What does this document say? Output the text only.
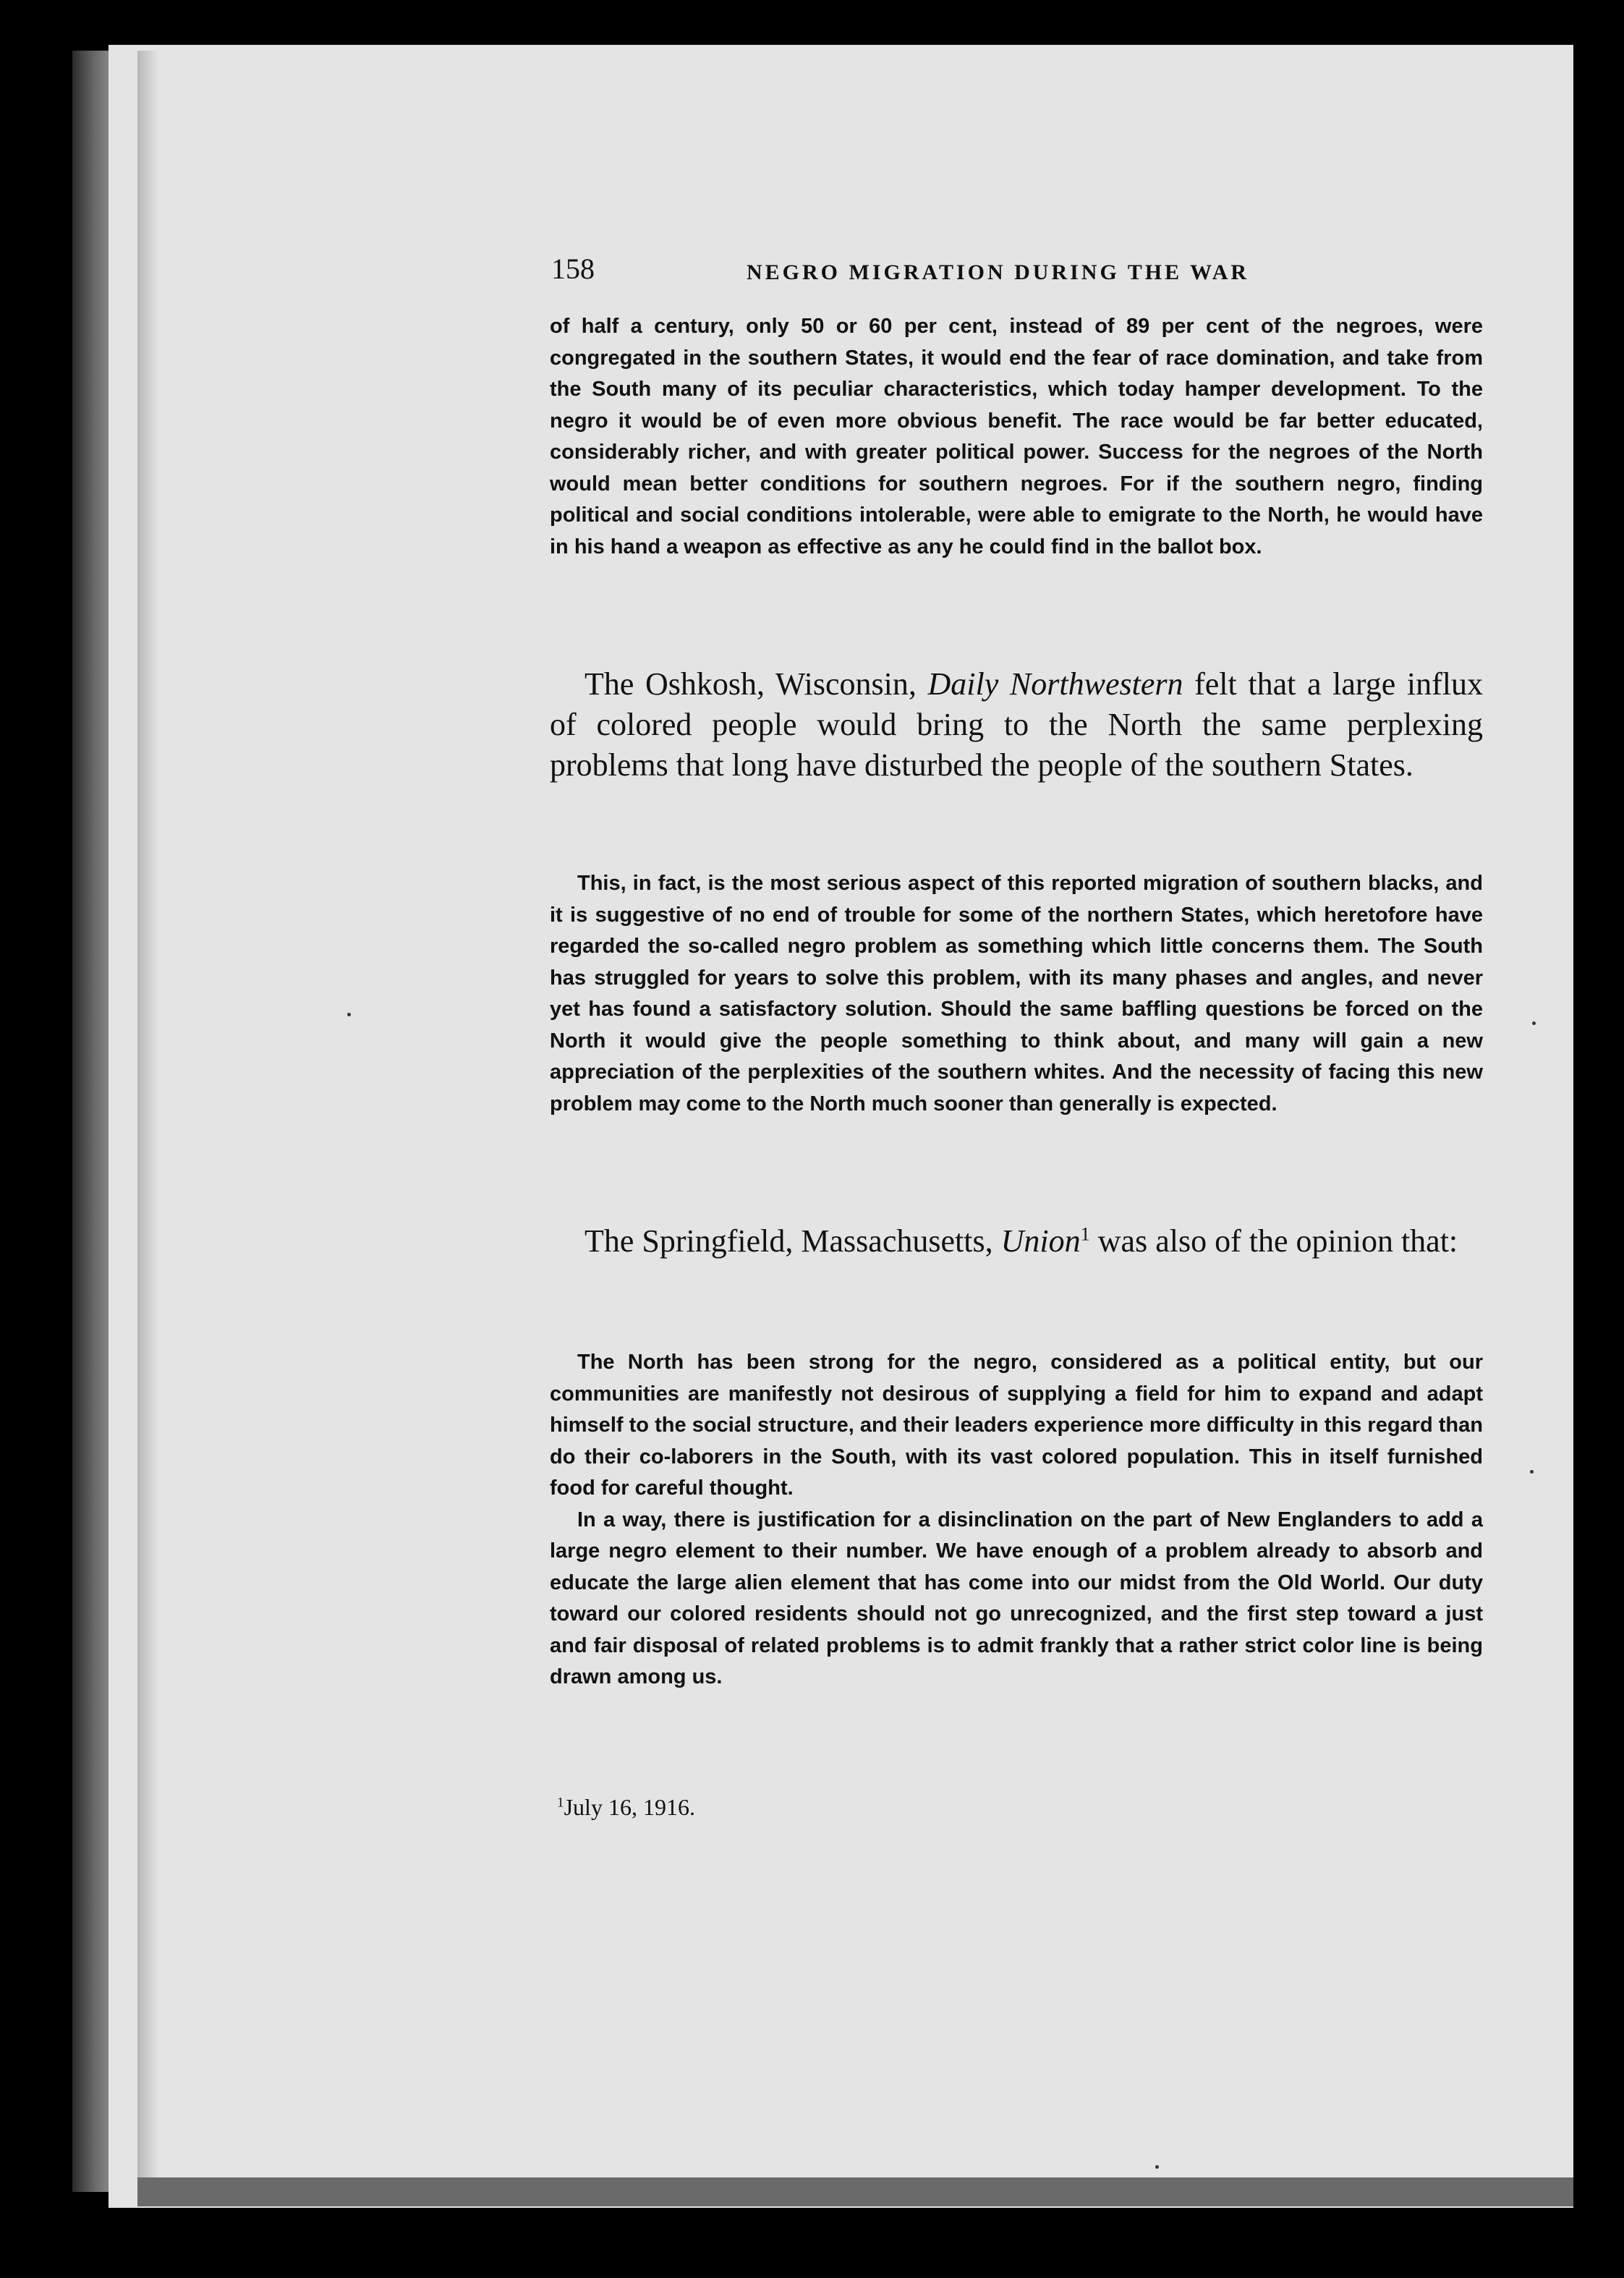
158	NEGRO MIGRATION DURING THE WAR

of half a century, only 50 or 60 per cent, instead of 89 per cent of the negroes, were congregated in the southern States, it would end the fear of race domination, and take from the South many of its peculiar characteristics, which today hamper development. To the negro it would be of even more obvious benefit. The race would be far better educated, considerably richer, and with greater political power. Success for the negroes of the North would mean better conditions for southern negroes. For if the southern negro, finding political and social conditions intolerable, were able to emigrate to the North, he would have in his hand a weapon as effective as any he could find in the ballot box.

The Oshkosh, Wisconsin, Daily Northwestern felt that a large influx of colored people would bring to the North the same perplexing problems that long have disturbed the people of the southern States.

This, in fact, is the most serious aspect of this reported migration of southern blacks, and it is suggestive of no end of trouble for some of the northern States, which heretofore have regarded the so-called negro problem as something which little concerns them. The South has struggled for years to solve this problem, with its many phases and angles, and never yet has found a satisfactory solution. Should the same baffling questions be forced on the North it would give the people something to think about, and many will gain a new appreciation of the perplexities of the southern whites. And the necessity of facing this new problem may come to the North much sooner than generally is expected.

The Springfield, Massachusetts, Union$^1$ was also of the opinion that:

The North has been strong for the negro, considered as a political entity, but our communities are manifestly not desirous of supplying a field for him to expand and adapt himself to the social structure, and their leaders experience more difficulty in this regard than do their co-laborers in the South, with its vast colored population. This in itself furnished food for careful thought.

In a way, there is justification for a disinclination on the part of New Englanders to add a large negro element to their number. We have enough of a problem already to absorb and educate the large alien element that has come into our midst from the Old World. Our duty toward our colored residents should not go unrecognized, and the first step toward a just and fair disposal of related problems is to admit frankly that a rather strict color line is being drawn among us.

$^1$July 16, 1916.
